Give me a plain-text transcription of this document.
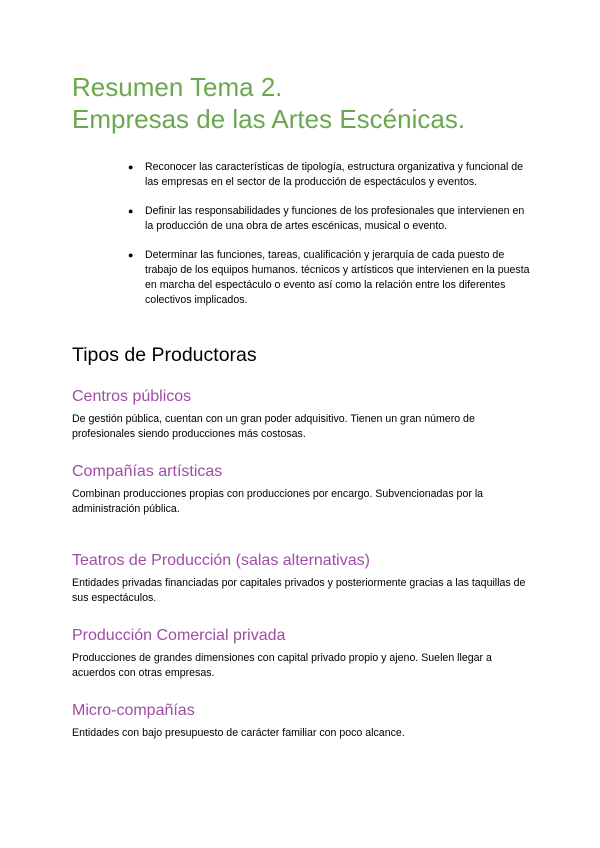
Resumen Tema 2.
Empresas de las Artes Escénicas.
● Reconocer las características de tipología, estructura organizativa y funcional de las empresas en el sector de la producción de espectáculos y eventos.
● Definir las responsabilidades y funciones de los profesionales que intervienen en la producción de una obra de artes escénicas, musical o evento.
● Determinar las funciones, tareas, cualificación y jerarquía de cada puesto de trabajo de los equipos humanos. técnicos y artísticos que intervienen en la puesta en marcha del espectáculo o evento así como la relación entre los diferentes colectivos implicados.
Tipos de Productoras
Centros públicos

De gestión pública, cuentan con un gran poder adquisitivo. Tienen un gran número de profesionales siendo producciones más costosas.

Compañías artísticas

Combinan producciones propias con producciones por encargo. Subvencionadas por la administración pública.

Teatros de Producción (salas alternativas)

Entidades privadas financiadas por capitales privados y posteriormente gracias a las taquillas de sus espectáculos.

Producción Comercial privada

Producciones de grandes dimensiones con capital privado propio y ajeno. Suelen llegar a acuerdos con otras empresas.

Micro-compañías

Entidades con bajo presupuesto de carácter familiar con poco alcance.
